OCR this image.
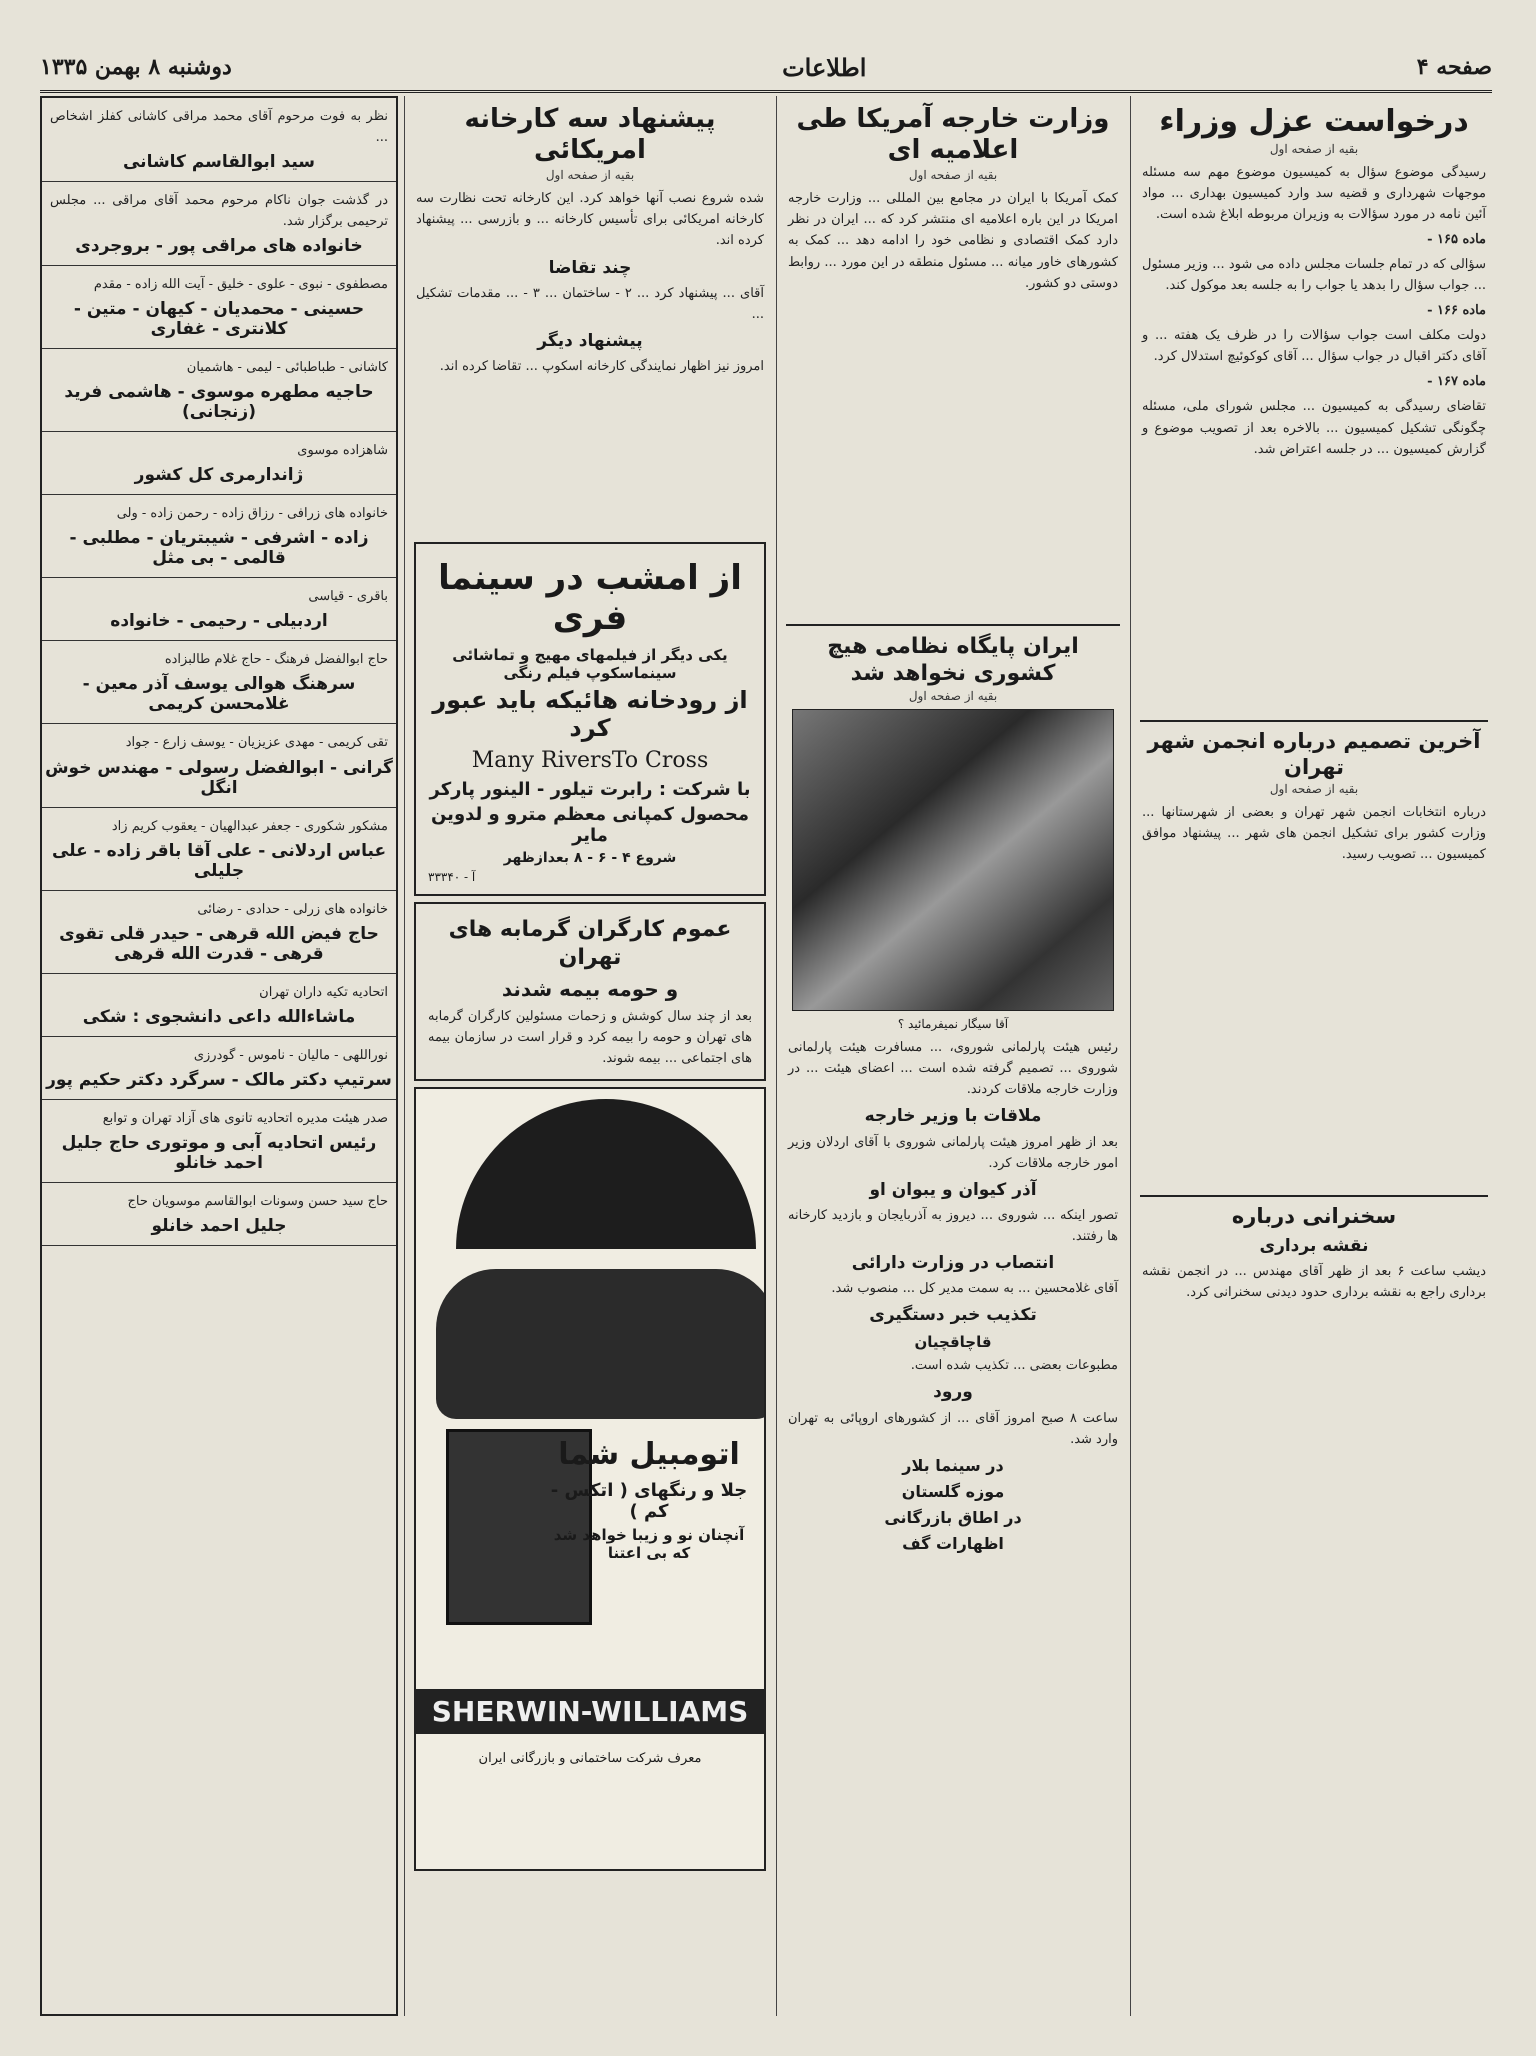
صفحه ۴
اطلاعات
دوشنبه ۸ بهمن ۱۳۳۵
درخواست عزل وزراء
بقیه از صفحه اول

رسیدگی موضوع سؤال به کمیسیون موضوع مهم سه مسئله موجهات شهرداری و قضیه سد وارد کمیسیون بهداری ... مواد آئین نامه در مورد سؤالات به وزیران مربوطه ابلاغ شده است.

ماده ۱۶۵ -

سؤالی که در تمام جلسات مجلس داده می شود ... وزیر مسئول ... جواب سؤال را بدهد یا جواب را به جلسه بعد موکول کند.

ماده ۱۶۶ -

دولت مکلف است جواب سؤالات را در ظرف یک هفته ... و آقای دکتر اقبال در جواب سؤال ... آقای کوکوئیچ استدلال کرد.

ماده ۱۶۷ -

تقاضای رسیدگی به کمیسیون ... مجلس شورای ملی، مسئله چگونگی تشکیل کمیسیون ... بالاخره بعد از تصویب موضوع و گزارش کمیسیون ... در جلسه اعتراض شد.

آخرین تصمیم درباره انجمن شهر تهران
بقیه از صفحه اول

درباره انتخابات انجمن شهر تهران و بعضی از شهرستانها ... وزارت کشور برای تشکیل انجمن های شهر ... پیشنهاد موافق کمیسیون ... تصویب رسید.

سخنرانی درباره
نقشه برداری

دیشب ساعت ۶ بعد از ظهر آقای مهندس ... در انجمن نقشه برداری راجع به نقشه برداری حدود دیدنی سخنرانی کرد.

وزارت خارجه آمریکا طی اعلامیه ای
بقیه از صفحه اول

کمک آمریکا با ایران در مجامع بین المللی ... وزارت خارجه امریکا در این باره اعلامیه ای منتشر کرد که ... ایران در نظر دارد کمک اقتصادی و نظامی خود را ادامه دهد ... کمک به کشورهای خاور میانه ... مسئول منطقه در این مورد ... روابط دوستی دو کشور.

ایران پایگاه نظامی هیچ کشوری نخواهد شد
بقیه از صفحه اول
آقا سیگار نمیفرمائید ؟

رئیس هیئت پارلمانی شوروی، ... مسافرت هیئت پارلمانی شوروی ... تصمیم گرفته شده است ... اعضای هیئت ... در وزارت خارجه ملاقات کردند.

ملاقات با وزیر خارجه

بعد از ظهر امروز هیئت پارلمانی شوروی با آقای اردلان وزیر امور خارجه ملاقات کرد.

آذر کیوان و یبوان او

تصور اینکه ... شوروی ... دیروز به آذربایجان و بازدید کارخانه ها رفتند.

انتصاب در وزارت دارائی

آقای غلامحسین ... به سمت مدیر کل ... منصوب شد.

تکذیب خبر دستگیری
قاچاقچیان

مطبوعات بعضی ... تکذیب شده است.

ورود

ساعت ۸ صبح امروز آقای ... از کشورهای اروپائی به تهران وارد شد.

در سینما بلار
موزه گلستان
در اطاق بازرگانی
اظهارات گف
پیشنهاد سه کارخانه امریکائی
بقیه از صفحه اول

شده شروع نصب آنها خواهد کرد. این کارخانه تحت نظارت سه کارخانه امریکائی برای تأسیس کارخانه ... و بازرسی ... پیشنهاد کرده اند.

چند تقاضا

آقای ... پیشنهاد کرد ... ۲ - ساختمان ... ۳ - ... مقدمات تشکیل ...

پیشنهاد دیگر

امروز نیز اظهار نمایندگی کارخانه اسکوپ ... تقاضا کرده اند.

از امشب در سینما فری
یکی دیگر از فیلمهای مهیج و تماشائی سینماسکوپ فیلم رنگی
از رودخانه هائیکه باید عبور کرد
Many RiversTo Cross
با شرکت : رابرت تیلور - الینور پارکر
محصول کمپانی معظم مترو و لدوین مایر
شروع ۴ - ۶ - ۸ بعدازظهر
آ - ۳۳۳۴۰
عموم کارگران گرمابه های تهران
و حومه بیمه شدند

بعد از چند سال کوشش و زحمات مسئولین کارگران گرمابه های تهران و حومه را بیمه کرد و قرار است در سازمان بیمه های اجتماعی ... بیمه شوند.

اتومبیل شما
جلا و رنگهای ( اتکس - کم )
آنچنان نو و زیبا خواهد شد که بی اعتنا
SHERWIN-WILLIAMS
معرف شرکت ساختمانی و بازرگانی ایران
نظر به فوت مرحوم آقای محمد مراقی کاشانی کفلز اشخاص ...
سید ابوالقاسم کاشانی
در گذشت جوان ناکام مرحوم محمد آقای مراقی ... مجلس ترحیمی برگزار شد.
خانواده های مراقی پور - بروجردی
مصطفوی - نبوی - علوی - خلیق - آیت الله زاده - مقدم
حسینی - محمدیان - کیهان - متین - کلانتری - غفاری
کاشانی - طباطبائی - لیمی - هاشمیان
حاجیه مطهره موسوی - هاشمی فرید (زنجانی)
شاهزاده موسوی
ژاندارمری کل کشور
خانواده های زرافی - رزاق زاده - رحمن زاده - ولی
زاده - اشرفی - شیبتریان - مطلبی - قالمی - بی مثل
باقری - قیاسی
اردبیلی - رحیمی - خانواده
حاج ابوالفضل فرهنگ - حاج غلام طالبزاده
سرهنگ هوالی یوسف آذر معین - غلامحسن کریمی
تقی کریمی - مهدی عزیزیان - یوسف زارع - جواد
گرانی - ابوالفضل رسولی - مهندس خوش انگل
مشکور شکوری - جعفر عبدالهیان - یعقوب کریم زاد
عباس اردلانی - علی آقا باقر زاده - علی جلیلی
خانواده های زرلی - حدادی - رضائی
حاج فیض الله قرهی - حیدر قلی تقوی قرهی - قدرت الله قرهی
اتحادیه تکیه داران تهران
ماشاءالله داعی دانشجوی : شکی
نوراللهی - مالیان - ناموس - گودرزی
سرتیپ دکتر مالک - سرگرد دکتر حکیم پور
صدر هیئت مدیره اتحادیه تانوی های آزاد تهران و توابع
رئیس اتحادیه آبی و موتوری حاج جلیل احمد خانلو
حاج سید حسن وسونات ابوالقاسم موسویان حاج
جلیل احمد خانلو
